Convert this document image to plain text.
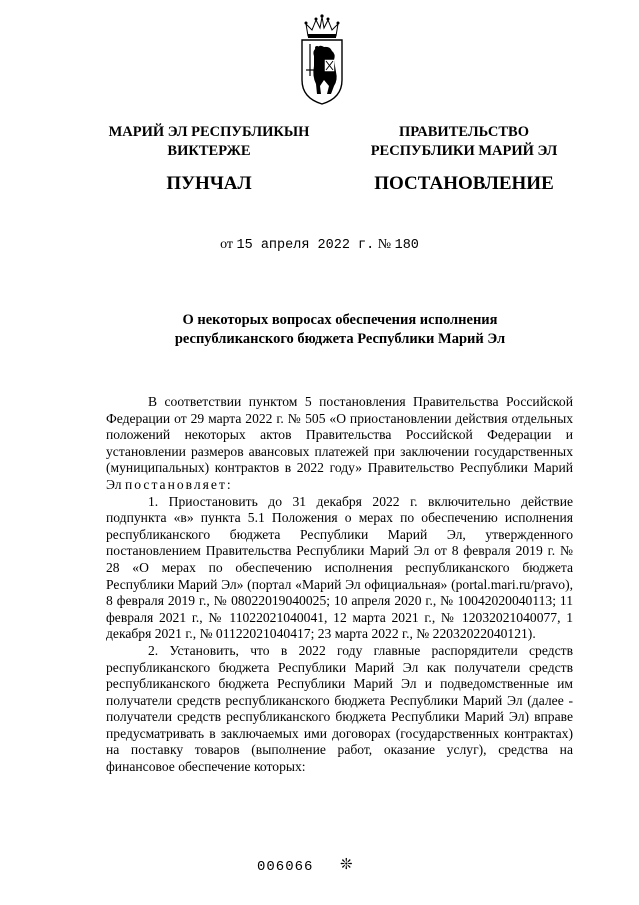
МАРИЙ ЭЛ РЕСПУБЛИКЫН
ВИКТЕРЖЕ
ПУНЧАЛ
ПРАВИТЕЛЬСТВО
РЕСПУБЛИКИ МАРИЙ ЭЛ
ПОСТАНОВЛЕНИЕ
от 15 апреля 2022 г. № 180
О некоторых вопросах обеспечения исполнения
республиканского бюджета Республики Марий Эл

В соответствии пунктом 5 постановления Правительства Российской Федерации от 29 марта 2022 г. № 505 «О приостановлении действия отдельных положений некоторых актов Правительства Российской Федерации и установлении размеров авансовых платежей при заключении государственных (муниципальных) контрактов в 2022 году» Правительство Республики Марий Эл постановляет:

1. Приостановить до 31 декабря 2022 г. включительно действие подпункта «в» пункта 5.1 Положения о мерах по обеспечению исполнения республиканского бюджета Республики Марий Эл, утвержденного постановлением Правительства Республики Марий Эл от 8 февраля 2019 г. № 28 «О мерах по обеспечению исполнения республиканского бюджета Республики Марий Эл» (портал «Марий Эл официальная» (portal.mari.ru/pravo), 8 февраля 2019 г., № 08022019040025; 10 апреля 2020 г., № 10042020040113; 11 февраля 2021 г., № 11022021040041, 12 марта 2021 г., № 12032021040077, 1 декабря 2021 г., № 01122021040417; 23 марта 2022 г., № 22032022040121).

2. Установить, что в 2022 году главные распорядители средств республиканского бюджета Республики Марий Эл как получатели средств республиканского бюджета Республики Марий Эл и подведомственные им получатели средств республиканского бюджета Республики Марий Эл (далее - получатели средств республиканского бюджета Республики Марий Эл) вправе предусматривать в заключаемых ими договорах (государственных контрактах) на поставку товаров (выполнение работ, оказание услуг), средства на финансовое обеспечение которых:

006066 ❊
